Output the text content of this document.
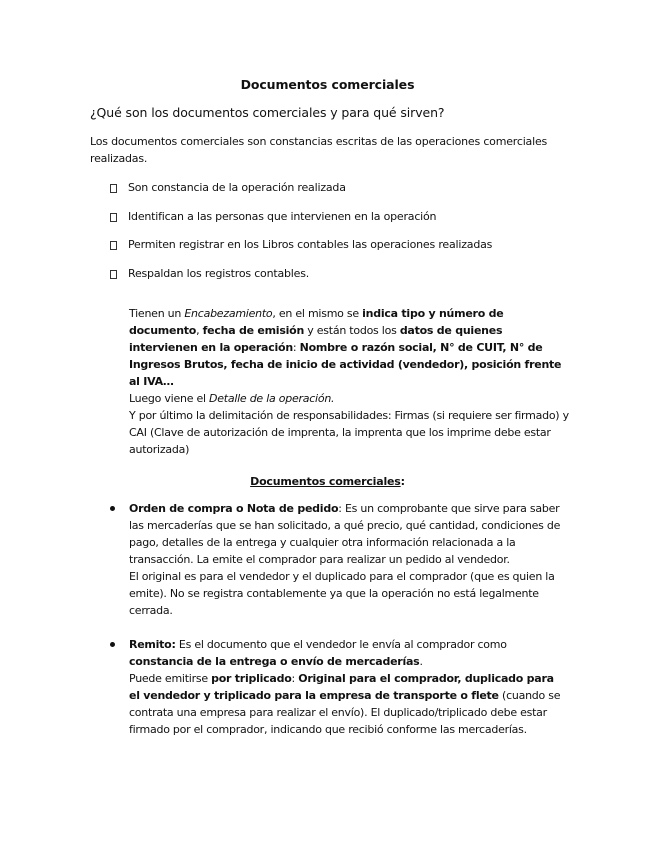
Documentos comerciales
¿Qué son los documentos comerciales y para qué sirven?
Los documentos comerciales son constancias escritas de las operaciones comerciales realizadas.
Son constancia de la operación realizada
Identifican a las personas que intervienen en la operación
Permiten registrar en los Libros contables las operaciones realizadas
Respaldan los registros contables.
Tienen un Encabezamiento, en el mismo se indica tipo y número de documento, fecha de emisión y están todos los datos de quienes intervienen en la operación: Nombre o razón social, N° de CUIT, N° de Ingresos Brutos, fecha de inicio de actividad (vendedor), posición frente al IVA…
Luego viene el Detalle de la operación.
Y por último la delimitación de responsabilidades: Firmas (si requiere ser firmado) y CAI (Clave de autorización de imprenta, la imprenta que los imprime debe estar autorizada)
Documentos comerciales:
Orden de compra o Nota de pedido: Es un comprobante que sirve para saber las mercaderías que se han solicitado, a qué precio, qué cantidad, condiciones de pago, detalles de la entrega y cualquier otra información relacionada a la transacción. La emite el comprador para realizar un pedido al vendedor.
El original es para el vendedor y el duplicado para el comprador (que es quien la emite). No se registra contablemente ya que la operación no está legalmente cerrada.
Remito: Es el documento que el vendedor le envía al comprador como constancia de la entrega o envío de mercaderías.
Puede emitirse por triplicado: Original para el comprador, duplicado para el vendedor y triplicado para la empresa de transporte o flete (cuando se contrata una empresa para realizar el envío). El duplicado/triplicado debe estar firmado por el comprador, indicando que recibió conforme las mercaderías.
